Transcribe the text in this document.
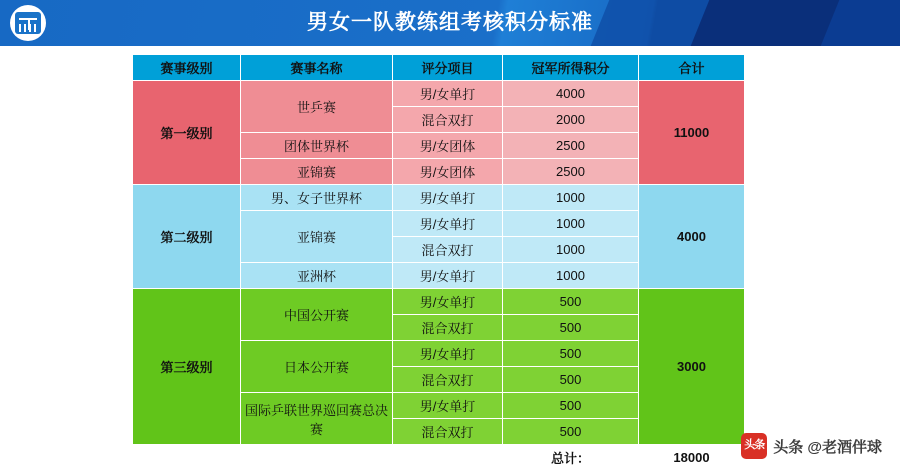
男女一队教练组考核积分标准
赛事级别	赛事名称	评分项目	冠军所得积分	合计
第一级别	世乒赛	男/女单打	4000	11000
		混合双打	2000	
	团体世界杯	男/女团体	2500	
	亚锦赛	男/女团体	2500	
第二级别	男、女子世界杯	男/女单打	1000	4000
	亚锦赛	男/女单打	1000	
		混合双打	1000	
	亚洲杯	男/女单打	1000	
第三级别	中国公开赛	男/女单打	500	3000
		混合双打	500	
	日本公开赛	男/女单打	500	
		混合双打	500	
	国际乒联世界巡回赛总决赛	男/女单打	500	
		混合双打	500	
			总计：	18000
头条 头条 @老酒伴球
